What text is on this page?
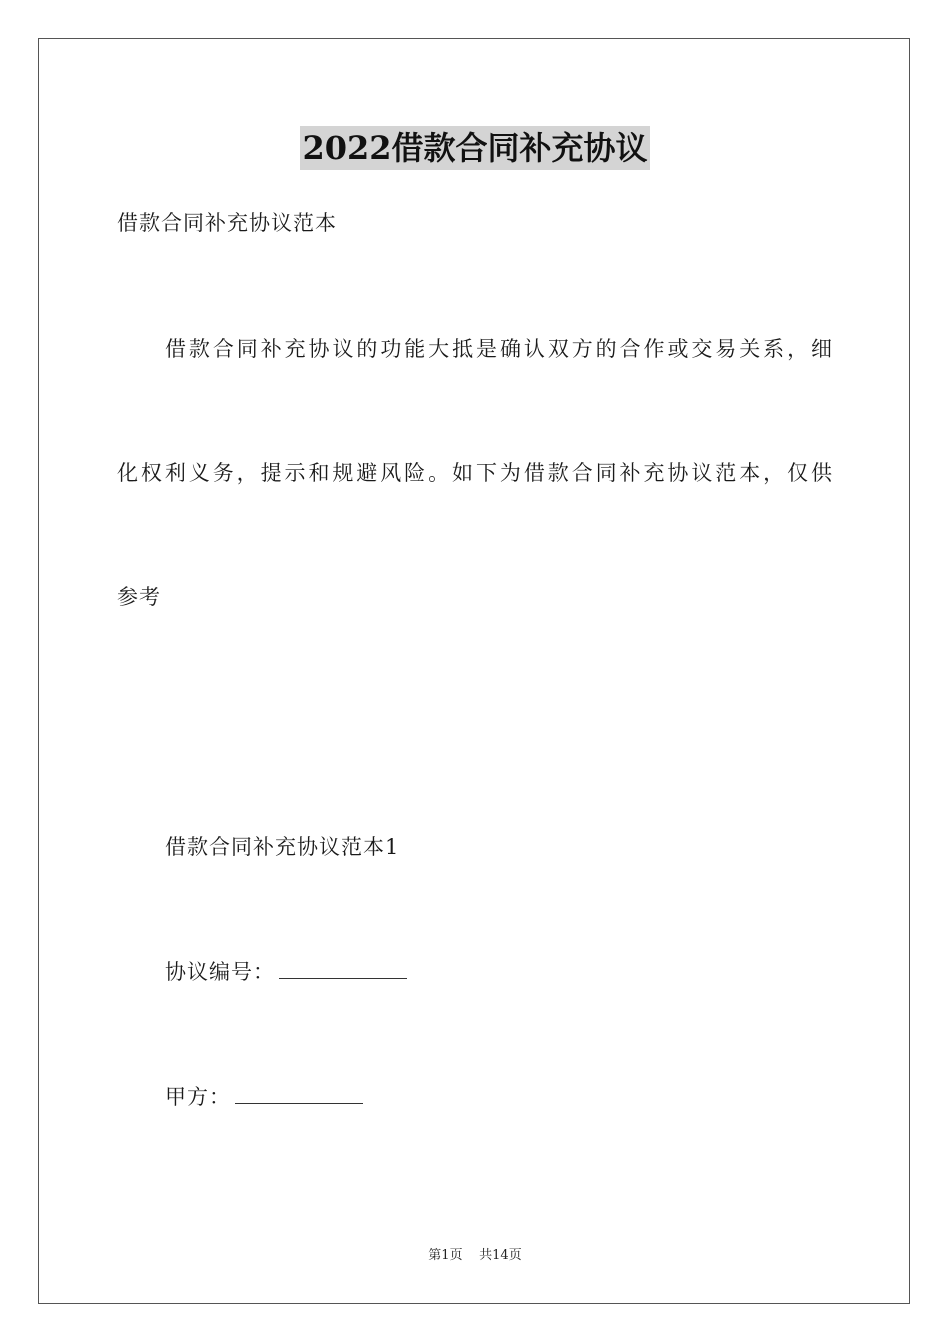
2022借款合同补充协议
借款合同补充协议范本
借款合同补充协议的功能大抵是确认双方的合作或交易关系，细
化权利义务，提示和规避风险。如下为借款合同补充协议范本，仅供
参考
借款合同补充协议范本1
协议编号：
甲方：
第1页 共14页
